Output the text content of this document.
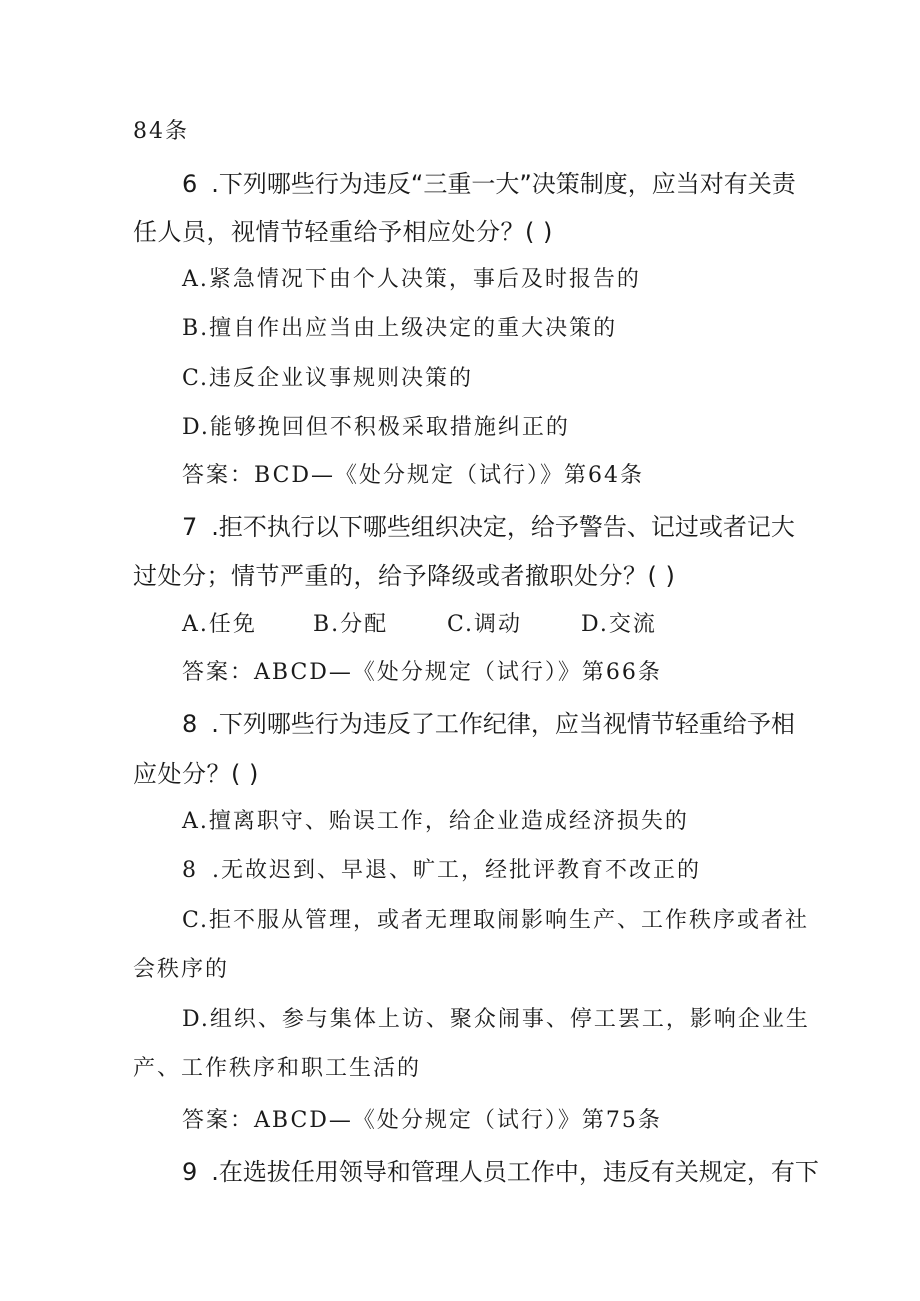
84条
6 .下列哪些行为违反“三重一大”决策制度，应当对有关责
任人员，视情节轻重给予相应处分？( )
A.紧急情况下由个人决策，事后及时报告的
B.擅自作出应当由上级决定的重大决策的
C.违反企业议事规则决策的
D.能够挽回但不积极采取措施纠正的
答案：BCD—《处分规定（试行）》第64条
7 .拒不执行以下哪些组织决定，给予警告、记过或者记大
过处分；情节严重的，给予降级或者撤职处分？( )
A.任免	B.分配	C.调动	D.交流
答案：ABCD—《处分规定（试行）》第66条
8 .下列哪些行为违反了工作纪律，应当视情节轻重给予相
应处分？( )
A.擅离职守、贻误工作，给企业造成经济损失的
8 .无故迟到、早退、旷工，经批评教育不改正的
C.拒不服从管理，或者无理取闹影响生产、工作秩序或者社
会秩序的
D.组织、参与集体上访、聚众闹事、停工罢工，影响企业生
产、工作秩序和职工生活的
答案：ABCD—《处分规定（试行）》第75条
9 .在选拔任用领导和管理人员工作中，违反有关规定，有下
